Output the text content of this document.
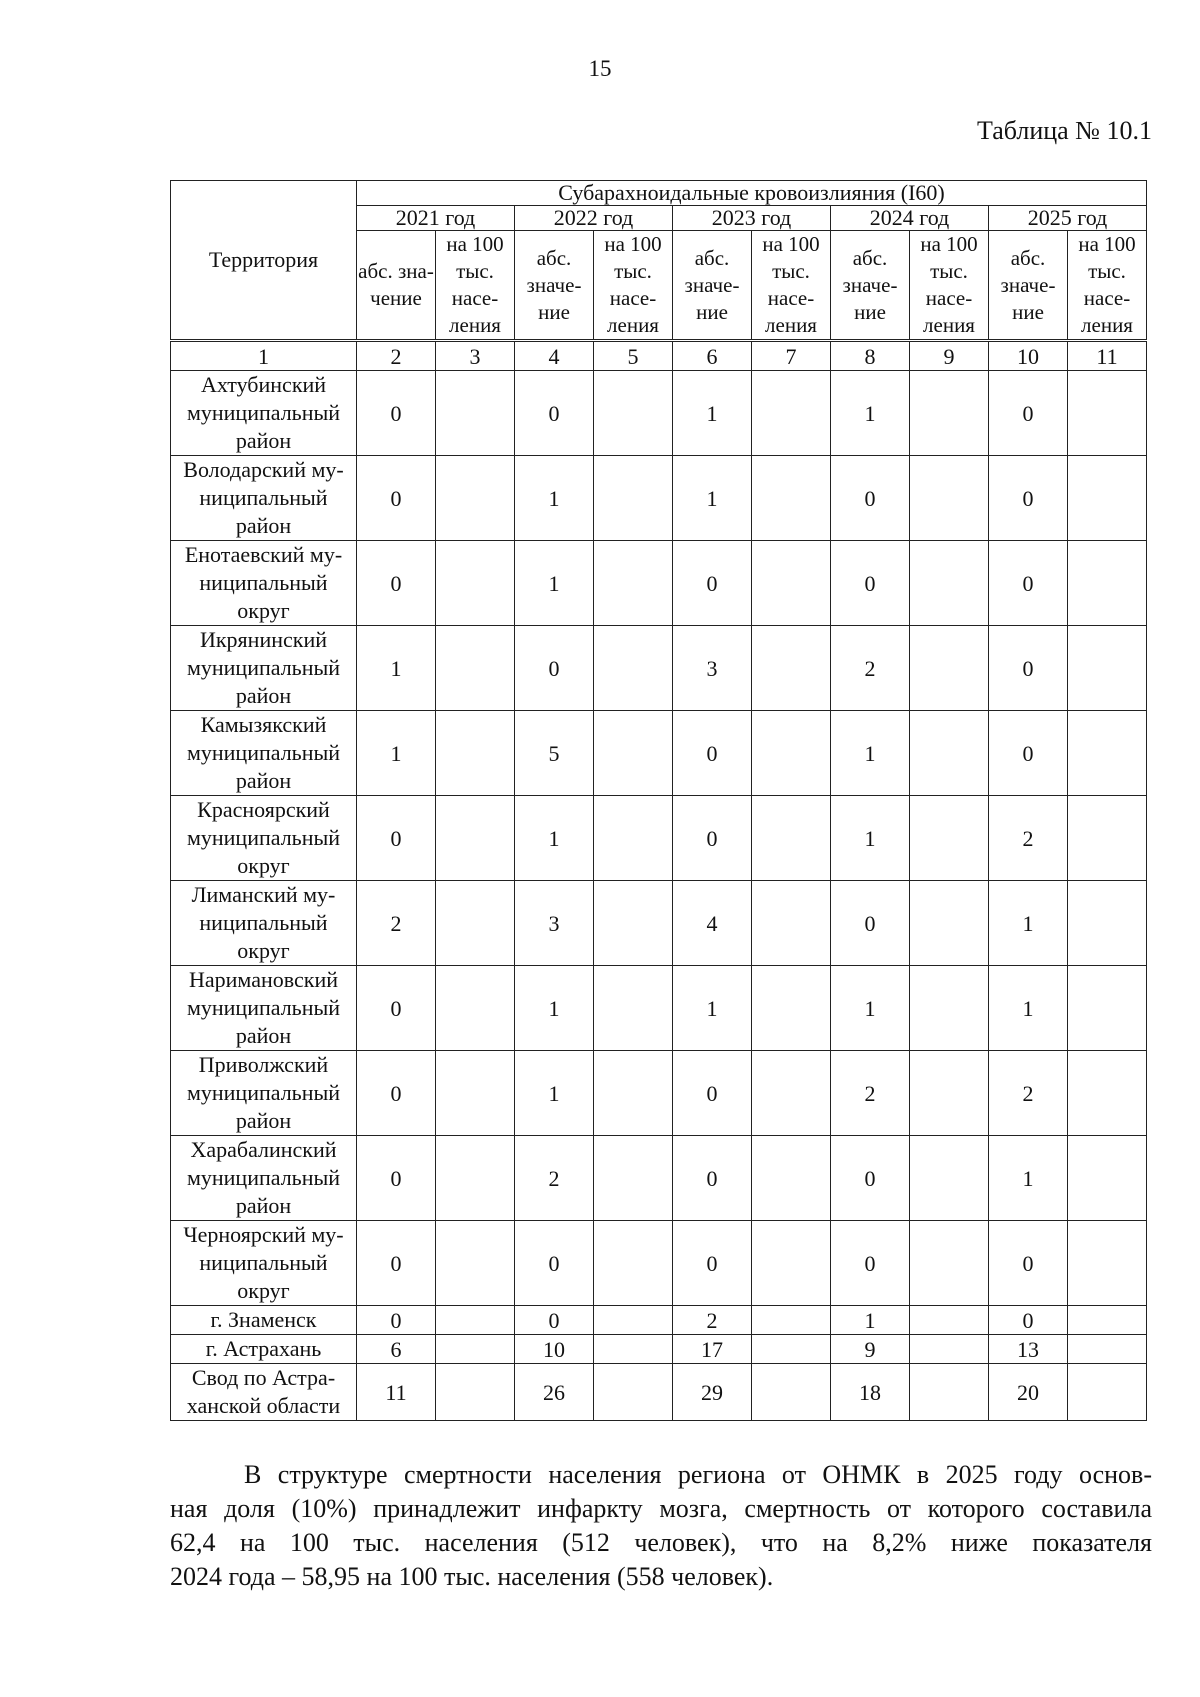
15
Таблица № 10.1
Территория	Субарахноидальные кровоизлияния (I60)									
	2021 год		2022 год		2023 год		2024 год		2025 год	
	абс. зна-чение	на 100 тыс. насе-ления	абс. значе-ние	на 100 тыс. насе-ления	абс. значе-ние	на 100 тыс. насе-ления	абс. значе-ние	на 100 тыс. насе-ления	абс. значе-ние	на 100 тыс. насе-ления
1	2	3	4	5	6	7	8	9	10	11
Ахтубинский муниципальный район	0		0		1		1		0	
Володарский му-ниципальный район	0		1		1		0		0	
Енотаевский му-ниципальный округ	0		1		0		0		0	
Икрянинский муниципальный район	1		0		3		2		0	
Камызякский муниципальный район	1		5		0		1		0	
Красноярский муниципальный округ	0		1		0		1		2	
Лиманский му-ниципальный округ	2		3		4		0		1	
Наримановский муниципальный район	0		1		1		1		1	
Приволжский муниципальный район	0		1		0		2		2	
Харабалинский муниципальный район	0		2		0		0		1	
Черноярский му-ниципальный округ	0		0		0		0		0	
г. Знаменск	0		0		2		1		0	
г. Астрахань	6		10		17		9		13	
Свод по Астра-ханской области	11		26		29		18		20	
В структуре смертности населения региона от ОНМК в 2025 году основ-
ная доля (10%) принадлежит инфаркту мозга, смертность от которого составила
62,4 на 100 тыс. населения (512 человек), что на 8,2% ниже показателя
2024 года – 58,95 на 100 тыс. населения (558 человек).
